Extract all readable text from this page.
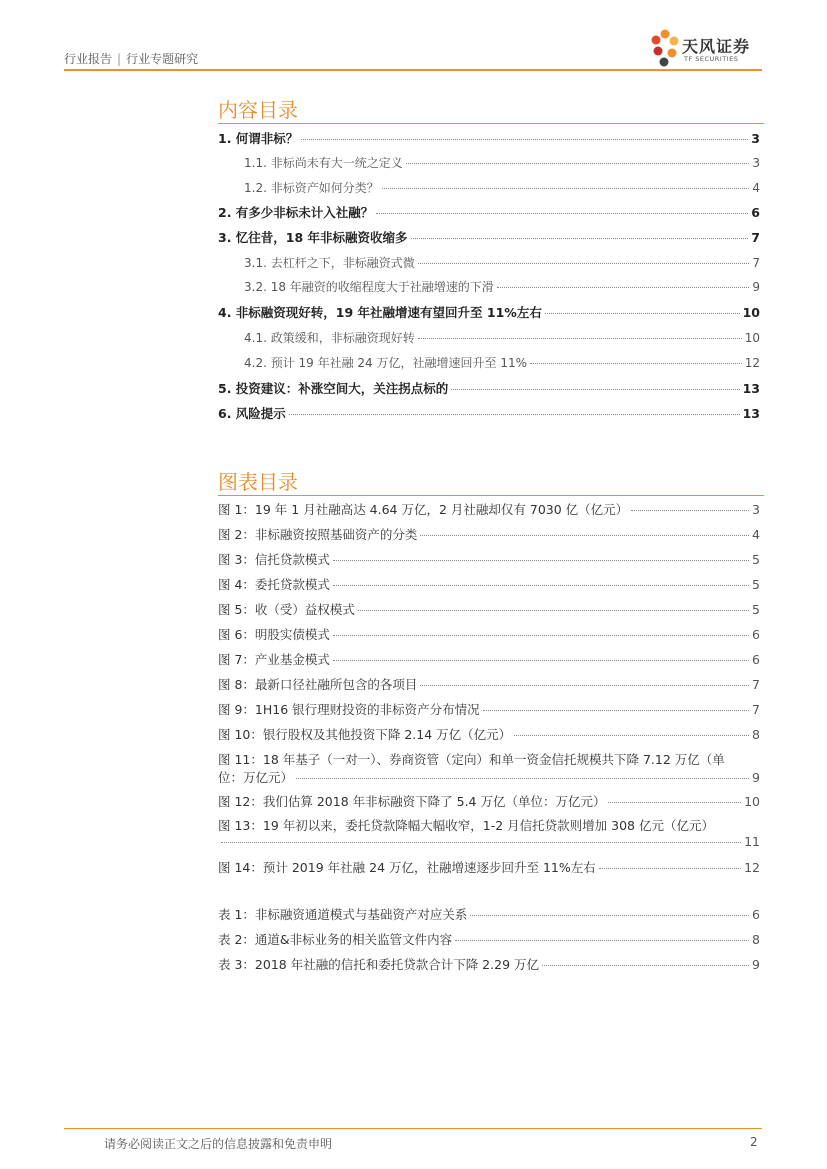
行业报告 | 行业专题研究
天风证券
TF SECURITIES
内容目录
1. 何谓非标？	3
1.1. 非标尚未有大一统之定义	3
1.2. 非标资产如何分类？	4
2. 有多少非标未计入社融？	6
3. 忆往昔，18 年非标融资收缩多	7
3.1. 去杠杆之下，非标融资式微	7
3.2. 18 年融资的收缩程度大于社融增速的下滑	9
4. 非标融资现好转，19 年社融增速有望回升至 11%左右	10
4.1. 政策缓和，非标融资现好转	10
4.2. 预计 19 年社融 24 万亿，社融增速回升至 11%	12
5. 投资建议：补涨空间大，关注拐点标的	13
6. 风险提示	13
图表目录
图 1：19 年 1 月社融高达 4.64 万亿，2 月社融却仅有 7030 亿（亿元）	3
图 2：非标融资按照基础资产的分类	4
图 3：信托贷款模式	5
图 4：委托贷款模式	5
图 5：收（受）益权模式	5
图 6：明股实债模式	6
图 7：产业基金模式	6
图 8：最新口径社融所包含的各项目	7
图 9：1H16 银行理财投资的非标资产分布情况	7
图 10：银行股权及其他投资下降 2.14 万亿（亿元）	8
图 11：18 年基子（一对一）、券商资管（定向）和单一资金信托规模共下降 7.12 万亿（单
位：万亿元）	9
图 12：我们估算 2018 年非标融资下降了 5.4 万亿（单位：万亿元）	10
图 13：19 年初以来，委托贷款降幅大幅收窄，1-2 月信托贷款则增加 308 亿元（亿元）
11
图 14：预计 2019 年社融 24 万亿，社融增速逐步回升至 11%左右	12
表 1：非标融资通道模式与基础资产对应关系	6
表 2：通道&非标业务的相关监管文件内容	8
表 3：2018 年社融的信托和委托贷款合计下降 2.29 万亿	9
请务必阅读正文之后的信息披露和免责申明	2
